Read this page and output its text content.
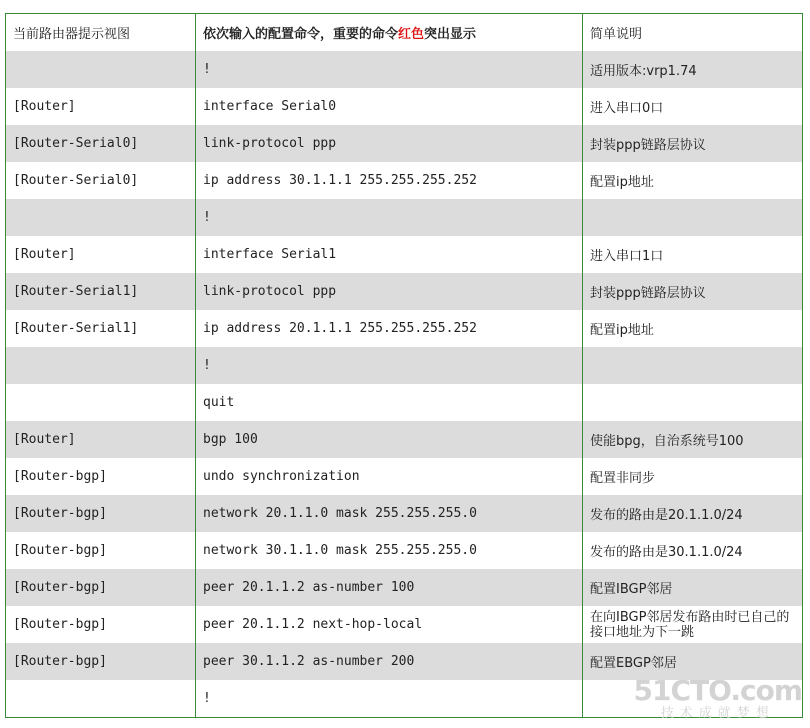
当前路由器提示视图	依次输入的配置命令，重要的命令红色突出显示	简单说明
	!	适用版本:vrp1.74
[Router]	interface Serial0	进入串口0口
[Router-Serial0]	link-protocol ppp	封装ppp链路层协议
[Router-Serial0]	ip address 30.1.1.1 255.255.255.252	配置ip地址
	!	
[Router]	interface Serial1	进入串口1口
[Router-Serial1]	link-protocol ppp	封装ppp链路层协议
[Router-Serial1]	ip address 20.1.1.1 255.255.255.252	配置ip地址
	!	
	quit	
[Router]	bgp 100	使能bpg，自治系统号100
[Router-bgp]	undo synchronization	配置非同步
[Router-bgp]	network 20.1.1.0 mask 255.255.255.0	发布的路由是20.1.1.0/24
[Router-bgp]	network 30.1.1.0 mask 255.255.255.0	发布的路由是30.1.1.0/24
[Router-bgp]	peer 20.1.1.2 as-number 100	配置IBGP邻居
[Router-bgp]	peer 20.1.1.2 next-hop-local	在向IBGP邻居发布路由时已自己的接口地址为下一跳
[Router-bgp]	peer 30.1.1.2 as-number 200	配置EBGP邻居
	!		51CTO.com
技术成就梦想
